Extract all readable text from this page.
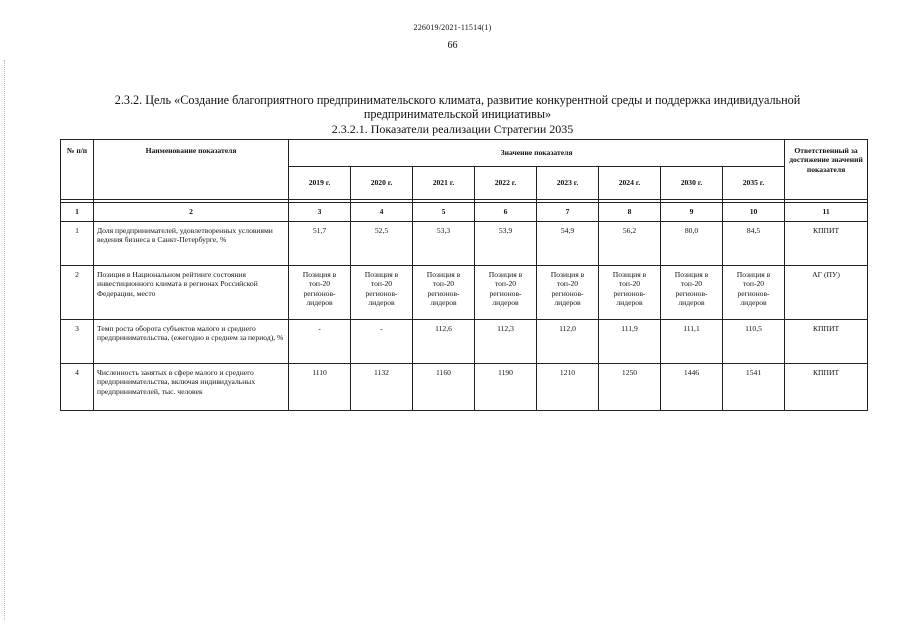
226019/2021-11514(1)
66
2.3.2. Цель «Создание благоприятного предпринимательского климата, развитие конкурентной среды и поддержка индивидуальной предпринимательской инициативы»
2.3.2.1. Показатели реализации Стратегии 2035
№ п/п	Наименование показателя	Значение показателя								Ответственный за достижение значений показателя
		2019 г.	2020 г.	2021 г.	2022 г.	2023 г.	2024 г.	2030 г.	2035 г.	

1	2	3	4	5	6	7	8	9	10	11
1	Доля предпринимателей, удовлетворенных условиями ведения бизнеса в Санкт-Петербурге, %	51,7	52,5	53,3	53,9	54,9	56,2	80,0	84,5	КППИТ
2	Позиция в Национальном рейтинге состояния инвестиционного климата в регионах Российской Федерации, место	Позиция в топ-20 регионов-лидеров	Позиция в топ-20 регионов-лидеров	Позиция в топ-20 регионов-лидеров	Позиция в топ-20 регионов-лидеров	Позиция в топ-20 регионов-лидеров	Позиция в топ-20 регионов-лидеров	Позиция в топ-20 регионов-лидеров	Позиция в топ-20 регионов-лидеров	АГ (ПУ)
3	Темп роста оборота субъектов малого и среднего предпринимательства, (ежегодно в среднем за период), %	-	-	112,6	112,3	112,0	111,9	111,1	110,5	КППИТ
4	Численность занятых в сфере малого и среднего предпринимательства, включая индивидуальных предпринимателей, тыс. человек	1110	1132	1160	1190	1210	1250	1446	1541	КППИТ
